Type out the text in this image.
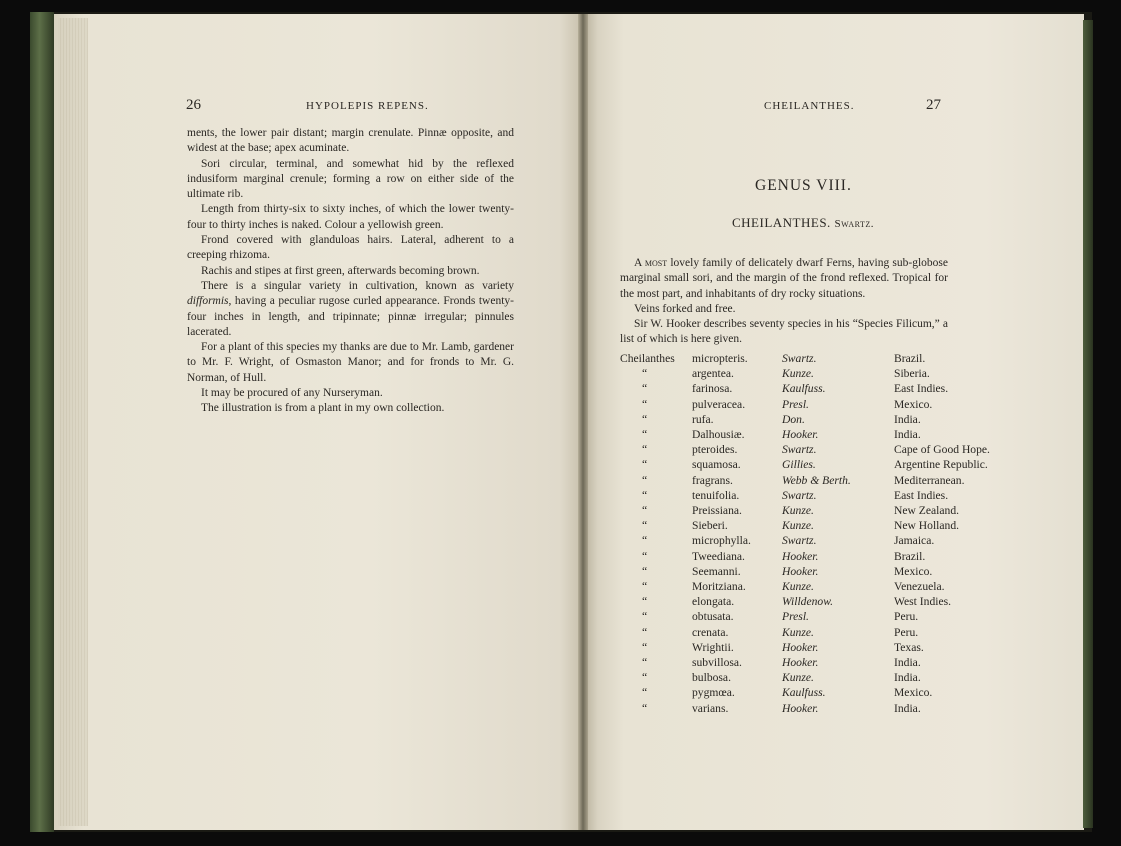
26	HYPOLEPIS REPENS.

ments, the lower pair distant; margin crenulate. Pinnæ opposite, and widest at the base; apex acuminate.

Sori circular, terminal, and somewhat hid by the reflexed indusiform marginal crenule; forming a row on either side of the ultimate rib.

Length from thirty-six to sixty inches, of which the lower twenty-four to thirty inches is naked. Colour a yellowish green.

Frond covered with glanduloas hairs. Lateral, adherent to a creeping rhizoma.

Rachis and stipes at first green, afterwards becoming brown.

There is a singular variety in cultivation, known as variety difformis, having a peculiar rugose curled appearance. Fronds twenty-four inches in length, and tripinnate; pinnæ irregular; pinnules lacerated.

For a plant of this species my thanks are due to Mr. Lamb, gardener to Mr. F. Wright, of Osmaston Manor; and for fronds to Mr. G. Norman, of Hull.

It may be procured of any Nurseryman.

The illustration is from a plant in my own collection.

CHEILANTHES.	27
GENUS VIII.
CHEILANTHES. Swartz.

A most lovely family of delicately dwarf Ferns, having sub-globose marginal small sori, and the margin of the frond reflexed. Tropical for the most part, and inhabitants of dry rocky situations.

Veins forked and free.

Sir W. Hooker describes seventy species in his “Species Filicum,” a list of which is here given.

Cheilanthes	micropteris.	Swartz.	Brazil.
“	argentea.	Kunze.	Siberia.
“	farinosa.	Kaulfuss.	East Indies.
“	pulveracea.	Presl.	Mexico.
“	rufa.	Don.	India.
“	Dalhousiæ.	Hooker.	India.
“	pteroides.	Swartz.	Cape of Good Hope.
“	squamosa.	Gillies.	Argentine Republic.
“	fragrans.	Webb & Berth.	Mediterranean.
“	tenuifolia.	Swartz.	East Indies.
“	Preissiana.	Kunze.	New Zealand.
“	Sieberi.	Kunze.	New Holland.
“	microphylla.	Swartz.	Jamaica.
“	Tweediana.	Hooker.	Brazil.
“	Seemanni.	Hooker.	Mexico.
“	Moritziana.	Kunze.	Venezuela.
“	elongata.	Willdenow.	West Indies.
“	obtusata.	Presl.	Peru.
“	crenata.	Kunze.	Peru.
“	Wrightii.	Hooker.	Texas.
“	subvillosa.	Hooker.	India.
“	bulbosa.	Kunze.	India.
“	pygmœa.	Kaulfuss.	Mexico.
“	varians.	Hooker.	India.
